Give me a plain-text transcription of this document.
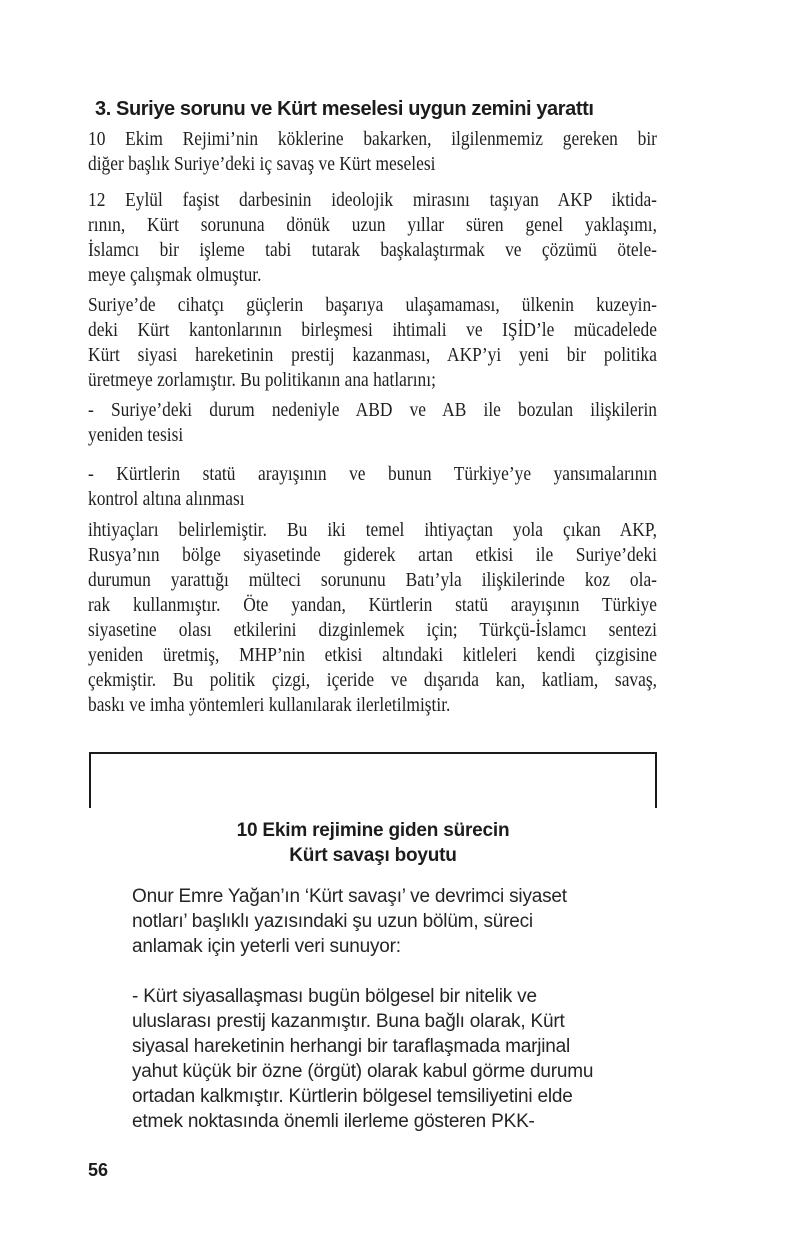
3. Suriye sorunu ve Kürt meselesi uygun zemini yarattı
10 Ekim Rejimi’nin köklerine bakarken, ilgilenmemiz gereken bir
diğer başlık Suriye’deki iç savaş ve Kürt meselesi
12 Eylül faşist darbesinin ideolojik mirasını taşıyan AKP iktida-
rının, Kürt sorununa dönük uzun yıllar süren genel yaklaşımı,
İslamcı bir işleme tabi tutarak başkalaştırmak ve çözümü ötele-
meye çalışmak olmuştur.
Suriye’de cihatçı güçlerin başarıya ulaşamaması, ülkenin kuzeyin-
deki Kürt kantonlarının birleşmesi ihtimali ve IŞİD’le mücadelede
Kürt siyasi hareketinin prestij kazanması, AKP’yi yeni bir politika
üretmeye zorlamıştır. Bu politikanın ana hatlarını;
- Suriye’deki durum nedeniyle ABD ve AB ile bozulan ilişkilerin
yeniden tesisi
- Kürtlerin statü arayışının ve bunun Türkiye’ye yansımalarının
kontrol altına alınması
ihtiyaçları belirlemiştir. Bu iki temel ihtiyaçtan yola çıkan AKP,
Rusya’nın bölge siyasetinde giderek artan etkisi ile Suriye’deki
durumun yarattığı mülteci sorununu Batı’yla ilişkilerinde koz ola-
rak kullanmıştır. Öte yandan, Kürtlerin statü arayışının Türkiye
siyasetine olası etkilerini dizginlemek için; Türkçü-İslamcı sentezi
yeniden üretmiş, MHP’nin etkisi altındaki kitleleri kendi çizgisine
çekmiştir. Bu politik çizgi, içeride ve dışarıda kan, katliam, savaş,
baskı ve imha yöntemleri kullanılarak ilerletilmiştir.
10 Ekim rejimine giden sürecin
Kürt savaşı boyutu
Onur Emre Yağan’ın ‘Kürt savaşı’ ve devrimci siyaset
notları’ başlıklı yazısındaki şu uzun bölüm, süreci
anlamak için yeterli veri sunuyor:
- Kürt siyasallaşması bugün bölgesel bir nitelik ve
uluslarası prestij kazanmıştır. Buna bağlı olarak, Kürt
siyasal hareketinin herhangi bir taraflaşmada marjinal
yahut küçük bir özne (örgüt) olarak kabul görme durumu
ortadan kalkmıştır. Kürtlerin bölgesel temsiliyetini elde
etmek noktasında önemli ilerleme gösteren PKK-
56
